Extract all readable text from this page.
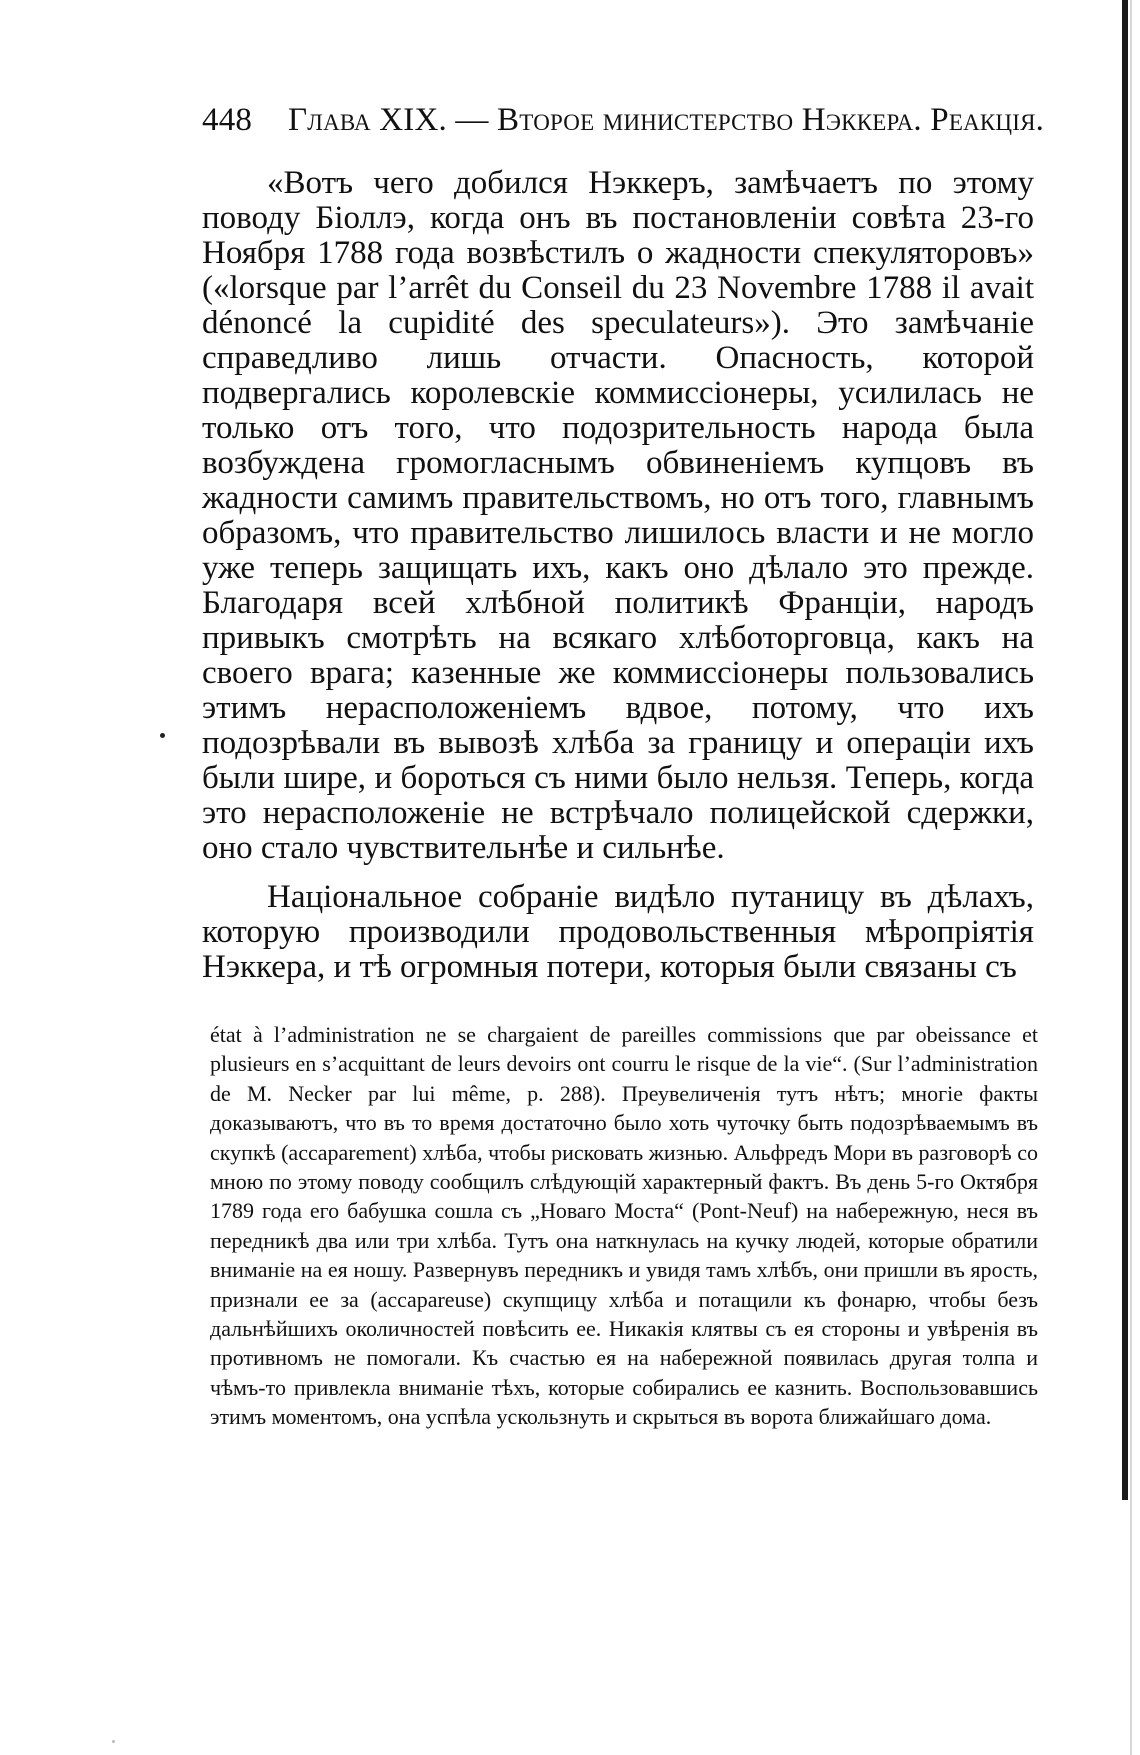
448 Глава XIX. — Второе министерство Нэккера. Реакція.

«Вотъ чего добился Нэккеръ, замѣчаетъ по этому поводу Біоллэ, когда онъ въ постановленіи совѣта 23-го Ноября 1788 года возвѣстилъ о жадности спекуляторовъ» («lorsque par l’arrêt du Conseil du 23 Novembre 1788 il avait dénoncé la cupidité des speculateurs»). Это замѣчаніе справедливо лишь отчасти. Опасность, которой подвергались королевскіе коммиссіонеры, усилилась не только отъ того, что подозрительность народа была возбуждена громогласнымъ обвиненіемъ купцовъ въ жадности самимъ правительствомъ, но отъ того, главнымъ образомъ, что правительство лишилось власти и не могло уже теперь защищать ихъ, какъ оно дѣлало это прежде. Благодаря всей хлѣбной политикѣ Франціи, народъ привыкъ смотрѣть на всякаго хлѣботорговца, какъ на своего врага; казенные же коммиссіонеры пользовались этимъ нерасположеніемъ вдвое, потому, что ихъ подозрѣвали въ вывозѣ хлѣба за границу и операціи ихъ были шире, и бороться съ ними было нельзя. Теперь, когда это нерасположеніе не встрѣчало полицейской сдержки, оно стало чувствительнѣе и сильнѣе.

Національное собраніе видѣло путаницу въ дѣлахъ, которую производили продовольственныя мѣропріятія Нэккера, и тѣ огромныя потери, которыя были связаны съ

état à l’administration ne se chargaient de pareilles commissions que par obeissance et plusieurs en s’acquittant de leurs devoirs ont courru le risque de la vie“. (Sur l’administration de M. Necker par lui même, p. 288). Преувеличенія тутъ нѣтъ; многіе факты доказываютъ, что въ то время достаточно было хоть чуточку быть подозрѣваемымъ въ скупкѣ (accaparement) хлѣба, чтобы рисковать жизнью. Альфредъ Мори въ разговорѣ со мною по этому поводу сообщилъ слѣдующій характерный фактъ. Въ день 5-го Октября 1789 года его бабушка сошла съ „Новаго Моста“ (Pont-Neuf) на набережную, неся въ передникѣ два или три хлѣба. Тутъ она наткнулась на кучку людей, которые обратили вниманіе на ея ношу. Развернувъ передникъ и увидя тамъ хлѣбъ, они пришли въ ярость, признали ее за (accapareuse) скупщицу хлѣба и потащили къ фонарю, чтобы безъ дальнѣйшихъ околичностей повѣсить ее. Никакія клятвы съ ея стороны и увѣренія въ противномъ не помогали. Къ счастью ея на набережной появилась другая толпа и чѣмъ-то привлекла вниманіе тѣхъ, которые собирались ее казнить. Воспользовавшись этимъ моментомъ, она успѣла ускользнуть и скрыться въ ворота ближайшаго дома.
